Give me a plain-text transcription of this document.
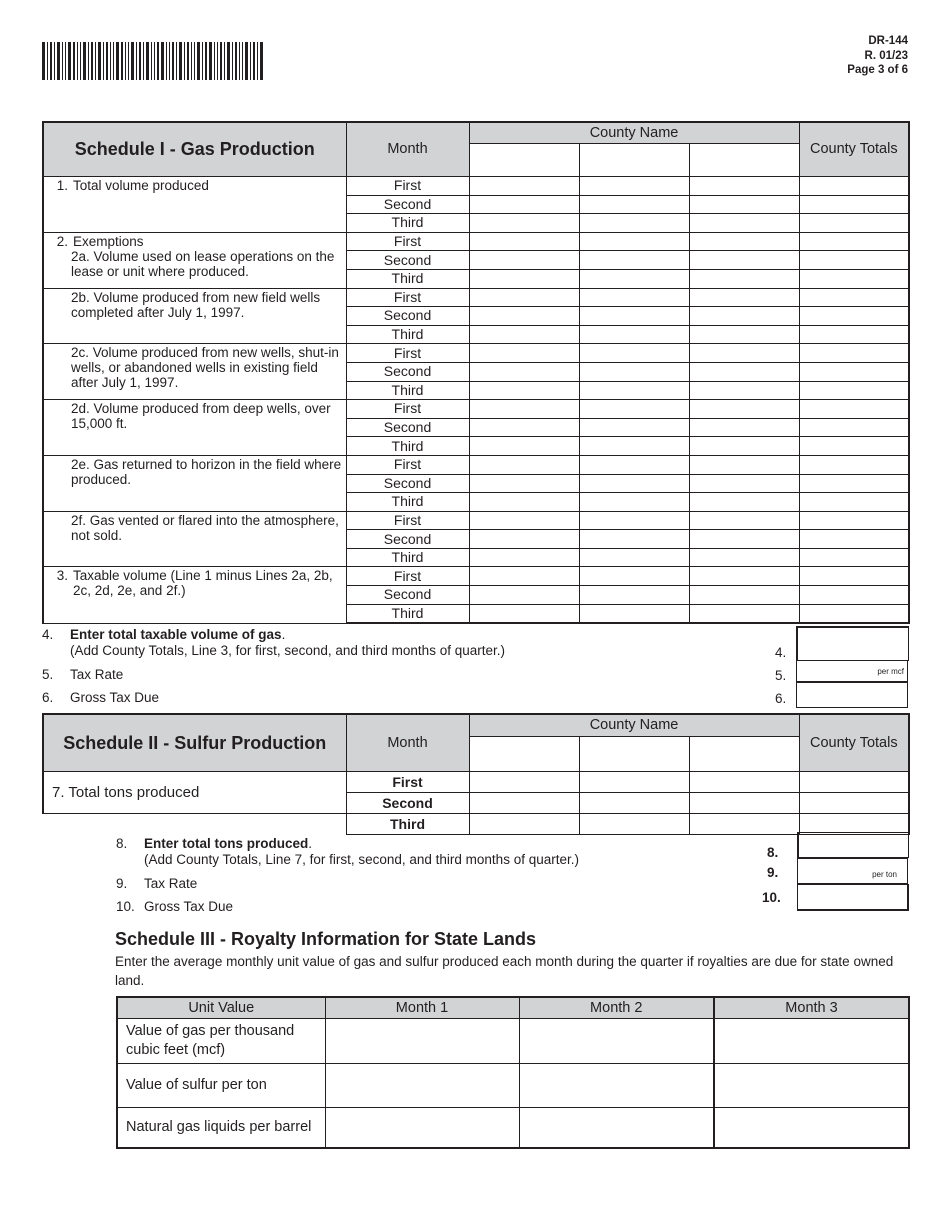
DR-144
R. 01/23
Page 3 of 6
Schedule I - Gas Production	Month	County Name			County Totals

1. Total volume produced	First				
	Second				
	Third				

2. Exemptions
2a. Volume used on lease operations on the lease or unit where produced.	First				
	Second				
	Third				

2b. Volume produced from new field wells completed after July 1, 1997.	First				
	Second				
	Third				

2c. Volume produced from new wells, shut-in wells, or abandoned wells in existing field after July 1, 1997.	First				
	Second				
	Third				

2d. Volume produced from deep wells, over 15,000 ft.	First				
	Second				
	Third				

2e. Gas returned to horizon in the field where produced.	First				
	Second				
	Third				

2f. Gas vented or flared into the atmosphere, not sold.	First				
	Second				
	Third				

3. Taxable volume (Line 1 minus Lines 2a, 2b, 2c, 2d, 2e, and 2f.)	First				
	Second				
	Third				
4.	Enter total taxable volume of gas.
(Add County Totals, Line 3, for first, second, and third months of quarter.)	4.
5. Tax Rate	5.
6. Gross Tax Due	6.
per mcf
Schedule II - Sulfur Production	Month	County Name			County Totals

7. Total tons produced	First				
	Second				
	Third				
8.	Enter total tons produced.
(Add County Totals, Line 7, for first, second, and third months of quarter.)
9. Tax Rate
10. Gross Tax Due
8.
9.
10.
per ton
Schedule III - Royalty Information for State Lands
Enter the average monthly unit value of gas and sulfur produced each month during the quarter if royalties are due for state owned land.
Unit Value	Month 1	Month 2	Month 3
Value of gas per thousand cubic feet (mcf)			
Value of sulfur per ton			
Natural gas liquids per barrel			
